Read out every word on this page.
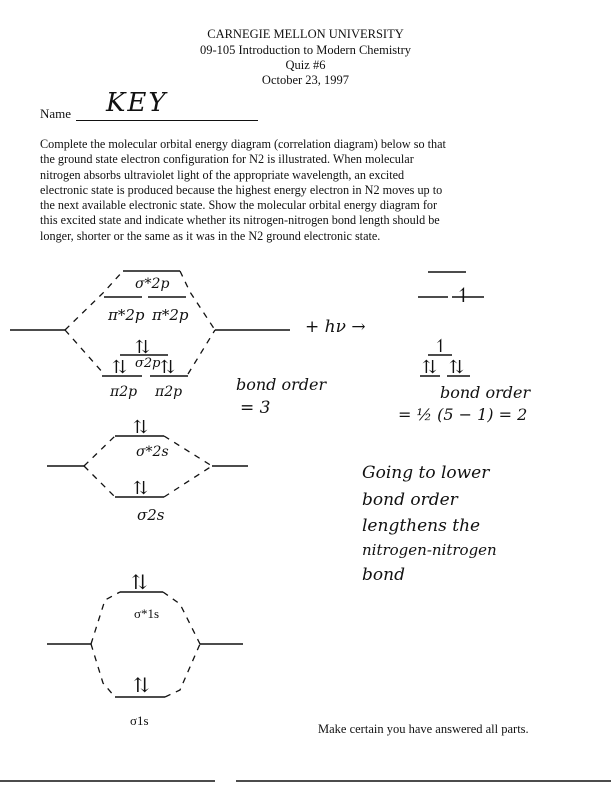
CARNEGIE MELLON UNIVERSITY
09-105 Introduction to Modern Chemistry
Quiz #6
October 23, 1997
Name KEY
Complete the molecular orbital energy diagram (correlation diagram) below so that
the ground state electron configuration for N2 is illustrated. When molecular
nitrogen absorbs ultraviolet light of the appropriate wavelength, an excited
electronic state is produced because the highest energy electron in N2 moves up to
the next available electronic state. Show the molecular orbital energy diagram for
this excited state and indicate whether its nitrogen-nitrogen bond length should be
longer, shorter or the same as it was in the N2 ground electronic state.
σ*2p
π*2p π*2p
⇅
σ2p
⇅ ⇅
π2p π2p
+ hν →
bond order
= 3
↿
↿
⇅ ⇅
bond order
= ½ (5 − 1) = 2
⇅
σ*2s
⇅
σ2s
Going to lower
bond order
lengthens the
nitrogen-nitrogen
bond
⇅
σ*1s
⇅
σ1s
Make certain you have answered all parts.
